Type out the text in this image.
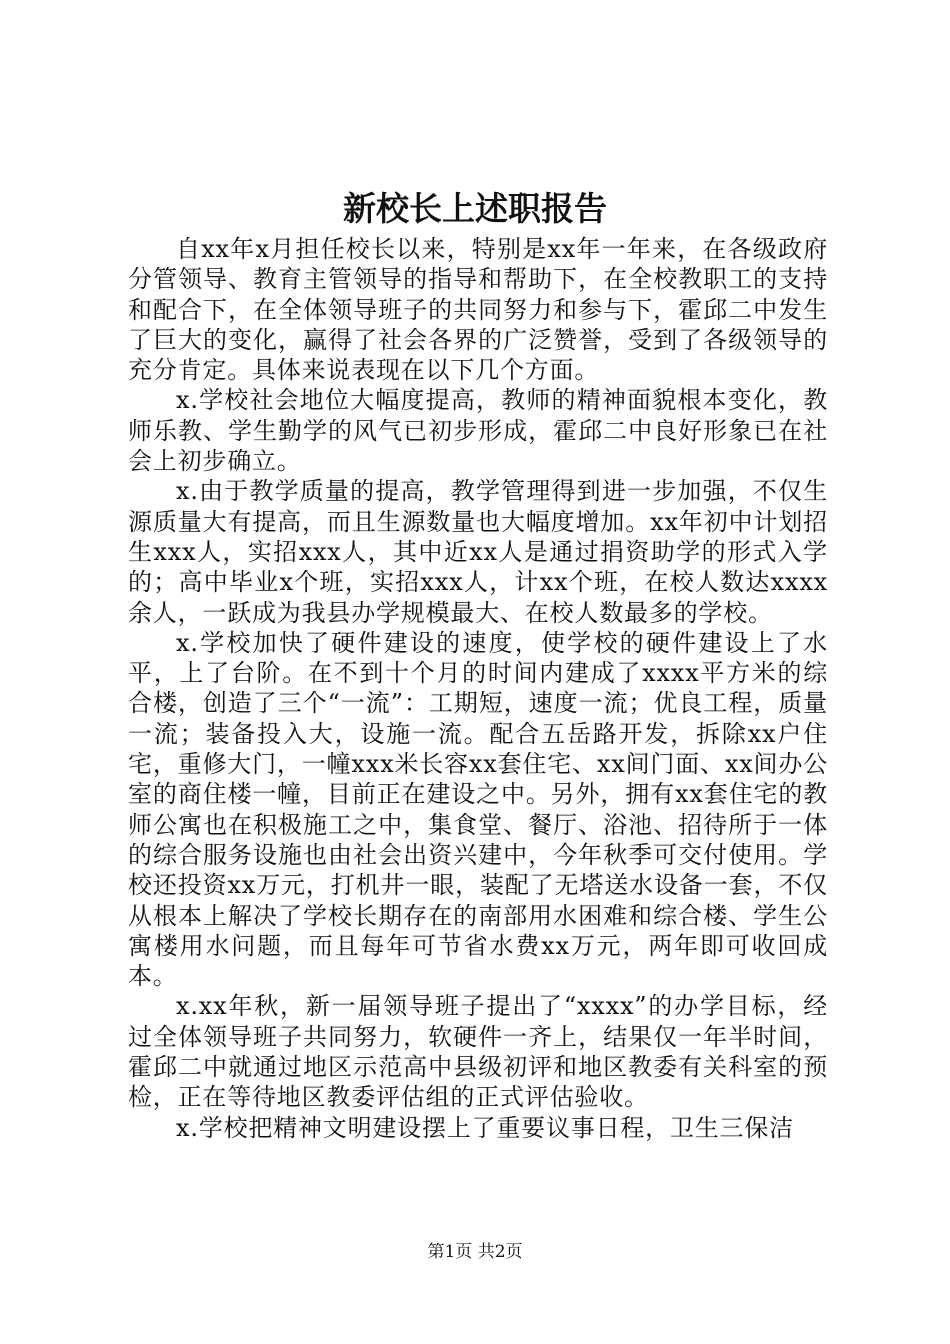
新校长上述职报告

自xx年x月担任校长以来，特别是xx年一年来，在各级政府分管领导、教育主管领导的指导和帮助下，在全校教职工的支持和配合下，在全体领导班子的共同努力和参与下，霍邱二中发生了巨大的变化，赢得了社会各界的广泛赞誉，受到了各级领导的充分肯定。具体来说表现在以下几个方面。

x.学校社会地位大幅度提高，教师的精神面貌根本变化，教师乐教、学生勤学的风气已初步形成，霍邱二中良好形象已在社会上初步确立。

x.由于教学质量的提高，教学管理得到进一步加强，不仅生源质量大有提高，而且生源数量也大幅度增加。xx年初中计划招生xxx人，实招xxx人，其中近xx人是通过捐资助学的形式入学的；高中毕业x个班，实招xxx人，计xx个班，在校人数达xxxx余人，一跃成为我县办学规模最大、在校人数最多的学校。

x.学校加快了硬件建设的速度，使学校的硬件建设上了水平，上了台阶。在不到十个月的时间内建成了xxxx平方米的综合楼，创造了三个“一流”：工期短，速度一流；优良工程，质量一流；装备投入大，设施一流。配合五岳路开发，拆除xx户住宅，重修大门，一幢xxx米长容xx套住宅、xx间门面、xx间办公室的商住楼一幢，目前正在建设之中。另外，拥有xx套住宅的教师公寓也在积极施工之中，集食堂、餐厅、浴池、招待所于一体的综合服务设施也由社会出资兴建中，今年秋季可交付使用。学校还投资xx万元，打机井一眼，装配了无塔送水设备一套，不仅从根本上解决了学校长期存在的南部用水困难和综合楼、学生公寓楼用水问题，而且每年可节省水费xx万元，两年即可收回成本。

x.xx年秋，新一届领导班子提出了“xxxx”的办学目标，经过全体领导班子共同努力，软硬件一齐上，结果仅一年半时间，霍邱二中就通过地区示范高中县级初评和地区教委有关科室的预检，正在等待地区教委评估组的正式评估验收。

x.学校把精神文明建设摆上了重要议事日程，卫生三保洁

第1页 共2页
